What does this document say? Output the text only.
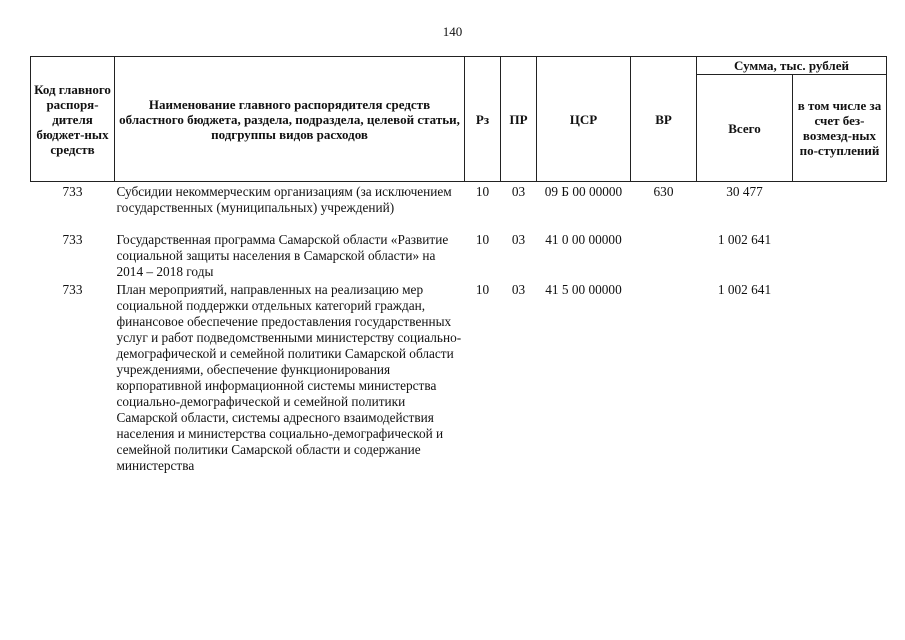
140
Код главного распоря-дителя бюджет-ных средств	Наименование главного распорядителя средств областного бюджета, раздела, подраздела, целевой статьи, подгруппы видов расходов	Рз	ПР	ЦСР	ВР	Сумма, тыс. рублей	
						Всего	в том числе за счет без-возмезд-ных по-ступлений
733	Субсидии некоммерческим организациям (за исключением государственных (муниципальных) учреждений)	10	03	09 Б 00 00000	630	30 477	
733	Государственная программа Самарской области «Развитие социальной защиты населения в Самарской области» на 2014 – 2018 годы	10	03	41 0 00 00000		1 002 641	
733	План мероприятий, направленных на реализацию мер социальной поддержки отдельных категорий граждан, финансовое обеспечение предоставления государственных услуг и работ подведомственными министерству социально-демографической и семейной политики Самарской области учреждениями, обеспечение функционирования корпоративной информационной системы министерства социально-демографической и семейной политики Самарской области, системы адресного взаимодействия населения и министерства социально-демографической и семейной политики Самарской области и содержание министерства	10	03	41 5 00 00000		1 002 641	
